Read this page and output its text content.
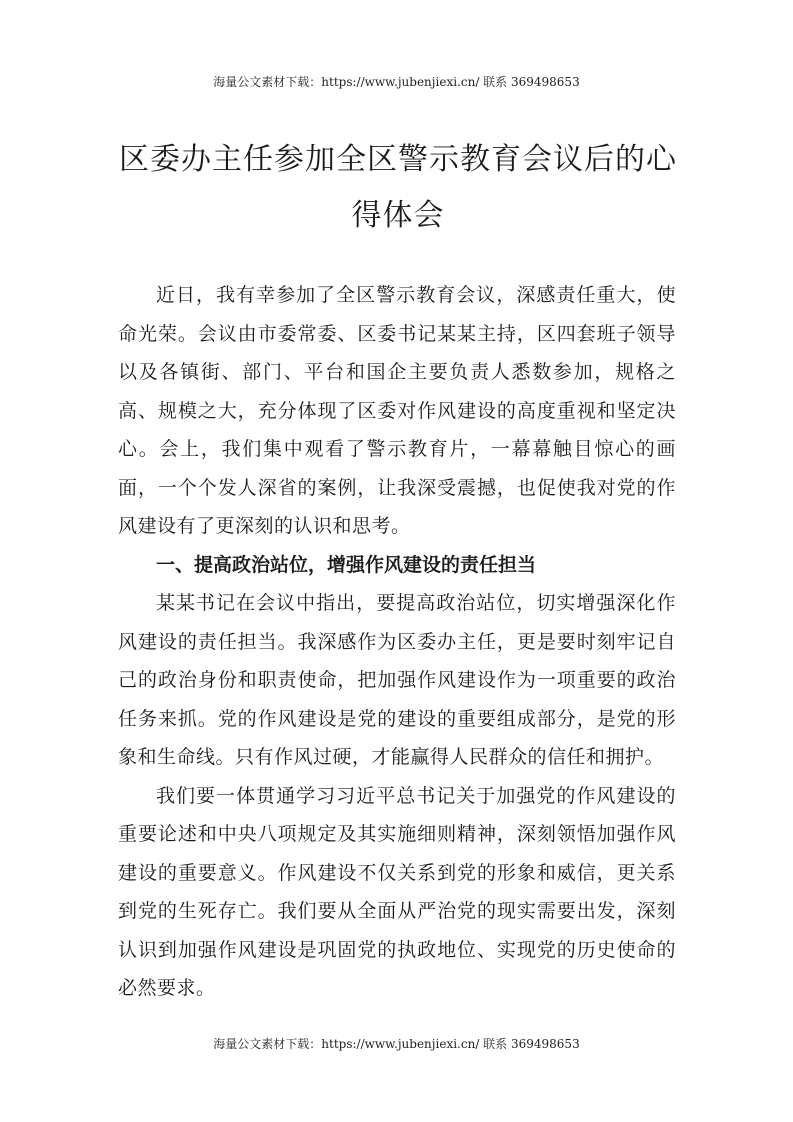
海量公文素材下载：https://www.jubenjiexi.cn/ 联系 369498653
区委办主任参加全区警示教育会议后的心得体会

近日，我有幸参加了全区警示教育会议，深感责任重大，使命光荣。会议由市委常委、区委书记某某主持，区四套班子领导以及各镇街、部门、平台和国企主要负责人悉数参加，规格之高、规模之大，充分体现了区委对作风建设的高度重视和坚定决心。会上，我们集中观看了警示教育片，一幕幕触目惊心的画面，一个个发人深省的案例，让我深受震撼，也促使我对党的作风建设有了更深刻的认识和思考。

一、提高政治站位，增强作风建设的责任担当

某某书记在会议中指出，要提高政治站位，切实增强深化作风建设的责任担当。我深感作为区委办主任，更是要时刻牢记自己的政治身份和职责使命，把加强作风建设作为一项重要的政治任务来抓。党的作风建设是党的建设的重要组成部分，是党的形象和生命线。只有作风过硬，才能赢得人民群众的信任和拥护。

我们要一体贯通学习习近平总书记关于加强党的作风建设的重要论述和中央八项规定及其实施细则精神，深刻领悟加强作风建设的重要意义。作风建设不仅关系到党的形象和威信，更关系到党的生死存亡。我们要从全面从严治党的现实需要出发，深刻认识到加强作风建设是巩固党的执政地位、实现党的历史使命的必然要求。

海量公文素材下载：https://www.jubenjiexi.cn/ 联系 369498653
